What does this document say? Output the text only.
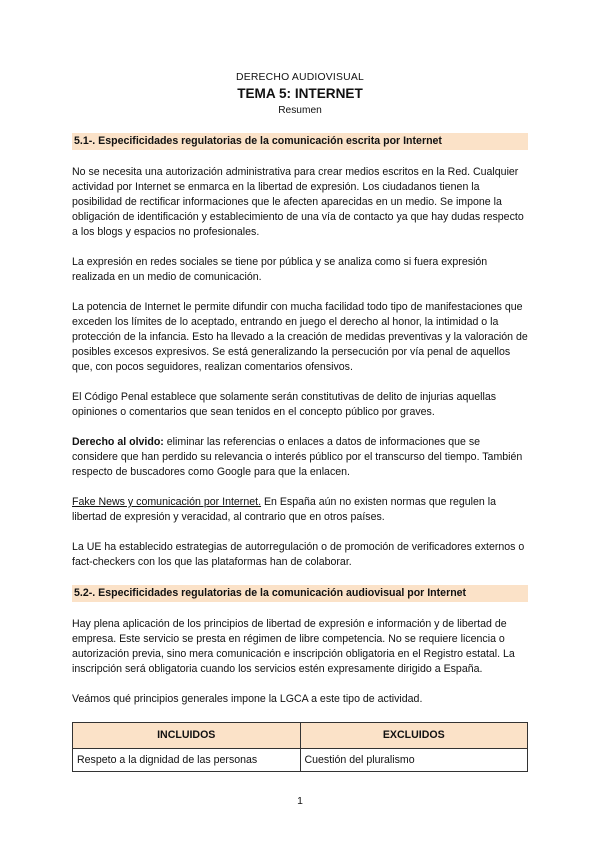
DERECHO AUDIOVISUAL
TEMA 5: INTERNET
Resumen
5.1-. Especificidades regulatorias de la comunicación escrita por Internet

No se necesita una autorización administrativa para crear medios escritos en la Red. Cualquier actividad por Internet se enmarca en la libertad de expresión. Los ciudadanos tienen la posibilidad de rectificar informaciones que le afecten aparecidas en un medio. Se impone la obligación de identificación y establecimiento de una vía de contacto ya que hay dudas respecto a los blogs y espacios no profesionales.

La expresión en redes sociales se tiene por pública y se analiza como si fuera expresión realizada en un medio de comunicación.

La potencia de Internet le permite difundir con mucha facilidad todo tipo de manifestaciones que exceden los límites de lo aceptado, entrando en juego el derecho al honor, la intimidad o la protección de la infancia. Esto ha llevado a la creación de medidas preventivas y la valoración de posibles excesos expresivos. Se está generalizando la persecución por vía penal de aquellos que, con pocos seguidores, realizan comentarios ofensivos.

El Código Penal establece que solamente serán constitutivas de delito de injurias aquellas opiniones o comentarios que sean tenidos en el concepto público por graves.

Derecho al olvido: eliminar las referencias o enlaces a datos de informaciones que se considere que han perdido su relevancia o interés público por el transcurso del tiempo. También respecto de buscadores como Google para que la enlacen.

Fake News y comunicación por Internet. En España aún no existen normas que regulen la libertad de expresión y veracidad, al contrario que en otros países.

La UE ha establecido estrategias de autorregulación o de promoción de verificadores externos o fact-checkers con los que las plataformas han de colaborar.

5.2-. Especificidades regulatorias de la comunicación audiovisual por Internet

Hay plena aplicación de los principios de libertad de expresión e información y de libertad de empresa. Este servicio se presta en régimen de libre competencia. No se requiere licencia o autorización previa, sino mera comunicación e inscripción obligatoria en el Registro estatal. La inscripción será obligatoria cuando los servicios estén expresamente dirigido a España.

Veámos qué principios generales impone la LGCA a este tipo de actividad.

INCLUIDOS	EXCLUIDOS
Respeto a la dignidad de las personas	Cuestión del pluralismo
1
